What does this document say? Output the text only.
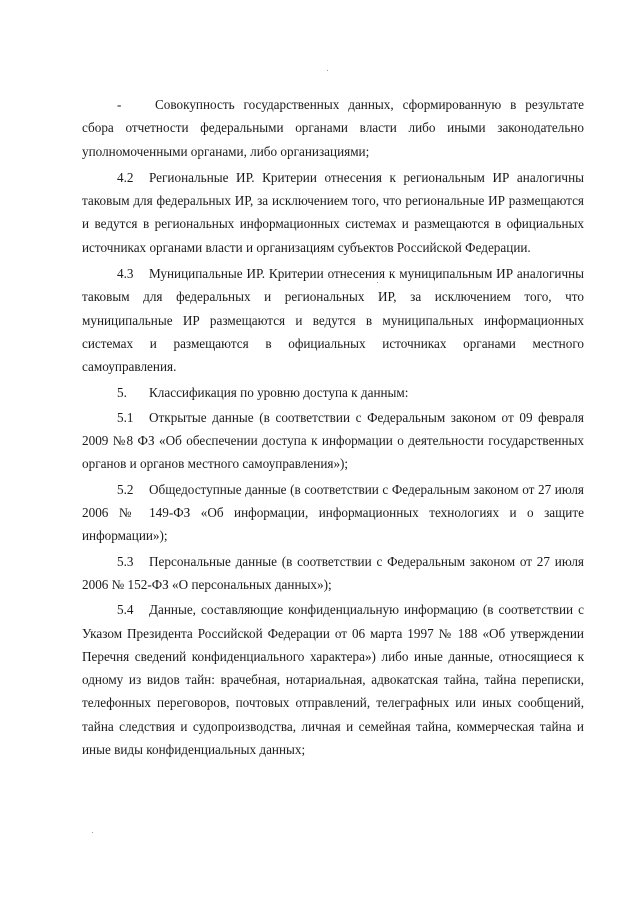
-	Совокупность государственных данных, сформированную в результате сбора отчетности федеральными органами власти либо иными законодательно уполномоченными органами, либо организациями;

4.2 Региональные ИР. Критерии отнесения к региональным ИР аналогичны таковым для федеральных ИР, за исключением того, что региональные ИР размещаются и ведутся в региональных информационных системах и размещаются в официальных источниках органами власти и организациям субъектов Российской Федерации.

4.3 Муниципальные ИР. Критерии отнесения к муниципальным ИР аналогичны таковым для федеральных и региональных ИР, за исключением того, что муниципальные ИР размещаются и ведутся в муниципальных информационных системах и размещаются в официальных источниках органами местного самоуправления.

5. Классификация по уровню доступа к данным:

5.1 Открытые данные (в соответствии с Федеральным законом от 09 февраля 2009 №8 ФЗ «Об обеспечении доступа к информации о деятельности государственных органов и органов местного самоуправления»);

5.2 Общедоступные данные (в соответствии с Федеральным законом от 27 июля 2006 № 149-ФЗ «Об информации, информационных технологиях и о защите информации»);

5.3 Персональные данные (в соответствии с Федеральным законом от 27 июля 2006 № 152-ФЗ «О персональных данных»);

5.4 Данные, составляющие конфиденциальную информацию (в соответствии с Указом Президента Российской Федерации от 06 марта 1997 № 188 «Об утверждении Перечня сведений конфиденциального характера») либо иные данные, относящиеся к одному из видов тайн: врачебная, нотариальная, адвокатская тайна, тайна переписки, телефонных переговоров, почтовых отправлений, телеграфных или иных сообщений, тайна следствия и судопроизводства, личная и семейная тайна, коммерческая тайна и иные виды конфиденциальных данных;
